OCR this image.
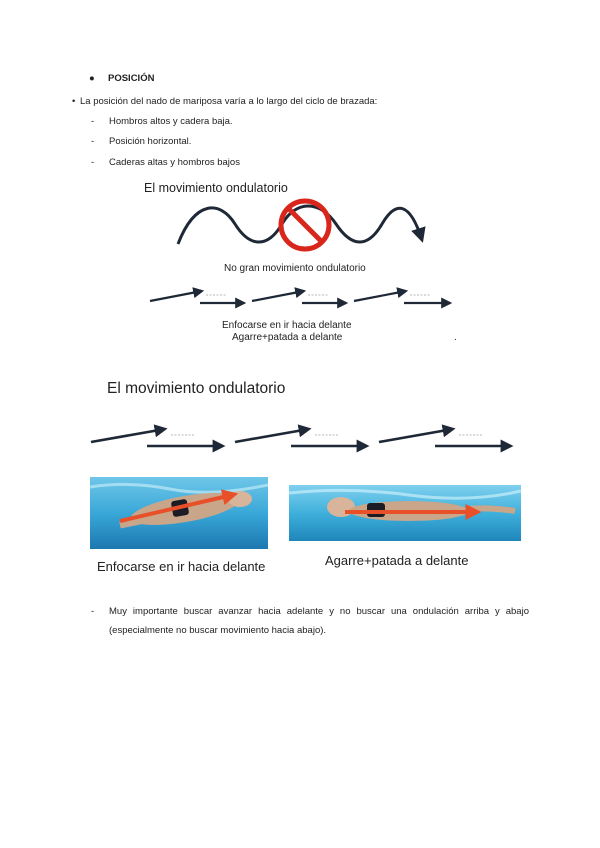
● POSICIÓN
• La posición del nado de mariposa varía a lo largo del ciclo de brazada:
- Hombros altos y cadera baja.
- Posición horizontal.
- Caderas altas y hombros bajos
El movimiento ondulatorio
No gran movimiento ondulatorio
Enfocarse en ir hacia delante
Agarre+patada a delante	.
El movimiento ondulatorio
Enfocarse en ir hacia delante	Agarre+patada a delante
- Muy importante buscar avanzar hacia adelante y no buscar una ondulación arriba y abajo (especialmente no buscar movimiento hacia abajo).
